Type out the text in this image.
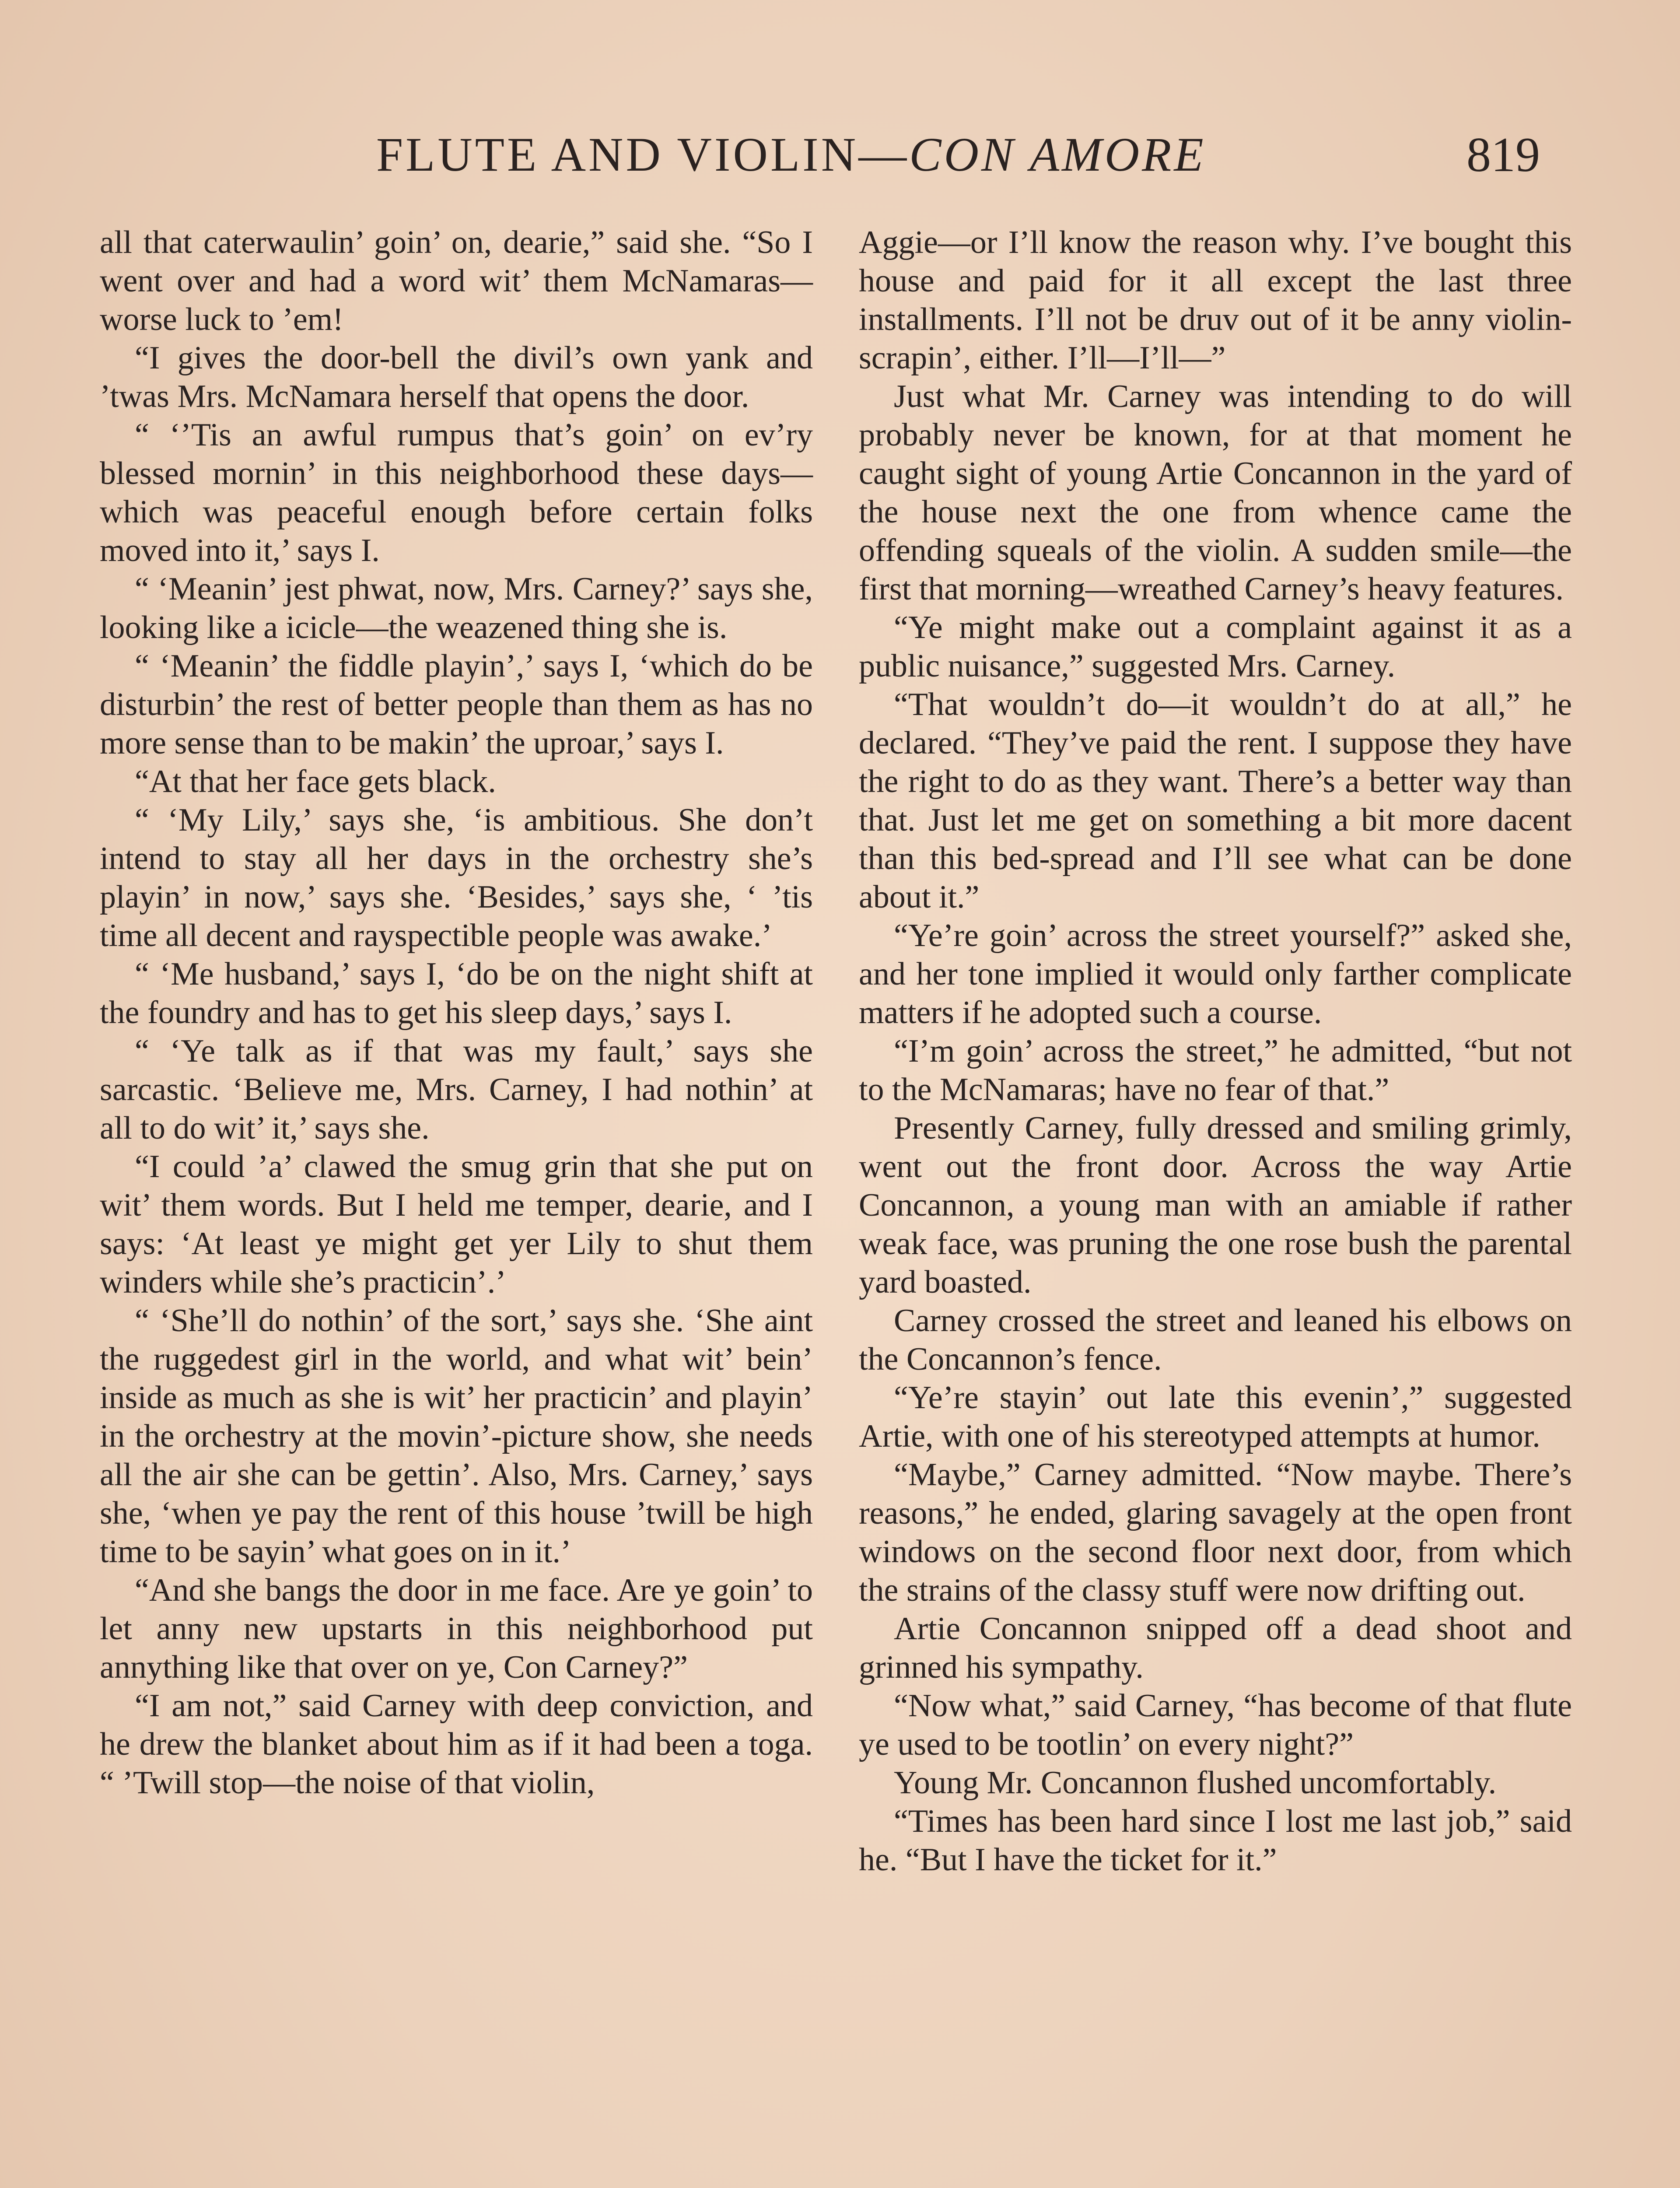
FLUTE AND VIOLIN—CON AMORE	819

all that caterwaulin’ goin’ on, dearie,” said she. “So I went over and had a word wit’ them McNamaras—worse luck to ’em!

“I gives the door-bell the divil’s own yank and ’twas Mrs. McNamara herself that opens the door.

“ ‘’Tis an awful rumpus that’s goin’ on ev’ry blessed mornin’ in this neighborhood these days—which was peaceful enough before certain folks moved into it,’ says I.

“ ‘Meanin’ jest phwat, now, Mrs. Carney?’ says she, looking like a icicle—the weazened thing she is.

“ ‘Meanin’ the fiddle playin’,’ says I, ‘which do be disturbin’ the rest of better people than them as has no more sense than to be makin’ the uproar,’ says I.

“At that her face gets black.

“ ‘My Lily,’ says she, ‘is ambitious. She don’t intend to stay all her days in the orchestry she’s playin’ in now,’ says she. ‘Besides,’ says she, ‘ ’tis time all decent and rayspectible people was awake.’

“ ‘Me husband,’ says I, ‘do be on the night shift at the foundry and has to get his sleep days,’ says I.

“ ‘Ye talk as if that was my fault,’ says she sarcastic. ‘Believe me, Mrs. Carney, I had nothin’ at all to do wit’ it,’ says she.

“I could ’a’ clawed the smug grin that she put on wit’ them words. But I held me temper, dearie, and I says: ‘At least ye might get yer Lily to shut them winders while she’s practicin’.’

“ ‘She’ll do nothin’ of the sort,’ says she. ‘She aint the ruggedest girl in the world, and what wit’ bein’ inside as much as she is wit’ her practicin’ and playin’ in the orchestry at the movin’-picture show, she needs all the air she can be gettin’. Also, Mrs. Carney,’ says she, ‘when ye pay the rent of this house ’twill be high time to be sayin’ what goes on in it.’

“And she bangs the door in me face. Are ye goin’ to let anny new upstarts in this neighborhood put annything like that over on ye, Con Carney?”

“I am not,” said Carney with deep conviction, and he drew the blanket about him as if it had been a toga. “ ’Twill stop—the noise of that violin,

Aggie—or I’ll know the reason why. I’ve bought this house and paid for it all except the last three installments. I’ll not be druv out of it be anny violin-scrapin’, either. I’ll—I’ll—”

Just what Mr. Carney was intending to do will probably never be known, for at that moment he caught sight of young Artie Concannon in the yard of the house next the one from whence came the offending squeals of the violin. A sudden smile—the first that morning—wreathed Carney’s heavy features.

“Ye might make out a complaint against it as a public nuisance,” suggested Mrs. Carney.

“That wouldn’t do—it wouldn’t do at all,” he declared. “They’ve paid the rent. I suppose they have the right to do as they want. There’s a better way than that. Just let me get on something a bit more dacent than this bed-spread and I’ll see what can be done about it.”

“Ye’re goin’ across the street yourself?” asked she, and her tone implied it would only farther complicate matters if he adopted such a course.

“I’m goin’ across the street,” he admitted, “but not to the McNamaras; have no fear of that.”

Presently Carney, fully dressed and smiling grimly, went out the front door. Across the way Artie Concannon, a young man with an amiable if rather weak face, was pruning the one rose bush the parental yard boasted.

Carney crossed the street and leaned his elbows on the Concannon’s fence.

“Ye’re stayin’ out late this evenin’,” suggested Artie, with one of his stereotyped attempts at humor.

“Maybe,” Carney admitted. “Now maybe. There’s reasons,” he ended, glaring savagely at the open front windows on the second floor next door, from which the strains of the classy stuff were now drifting out.

Artie Concannon snipped off a dead shoot and grinned his sympathy.

“Now what,” said Carney, “has become of that flute ye used to be tootlin’ on every night?”

Young Mr. Concannon flushed uncomfortably.

“Times has been hard since I lost me last job,” said he. “But I have the ticket for it.”
